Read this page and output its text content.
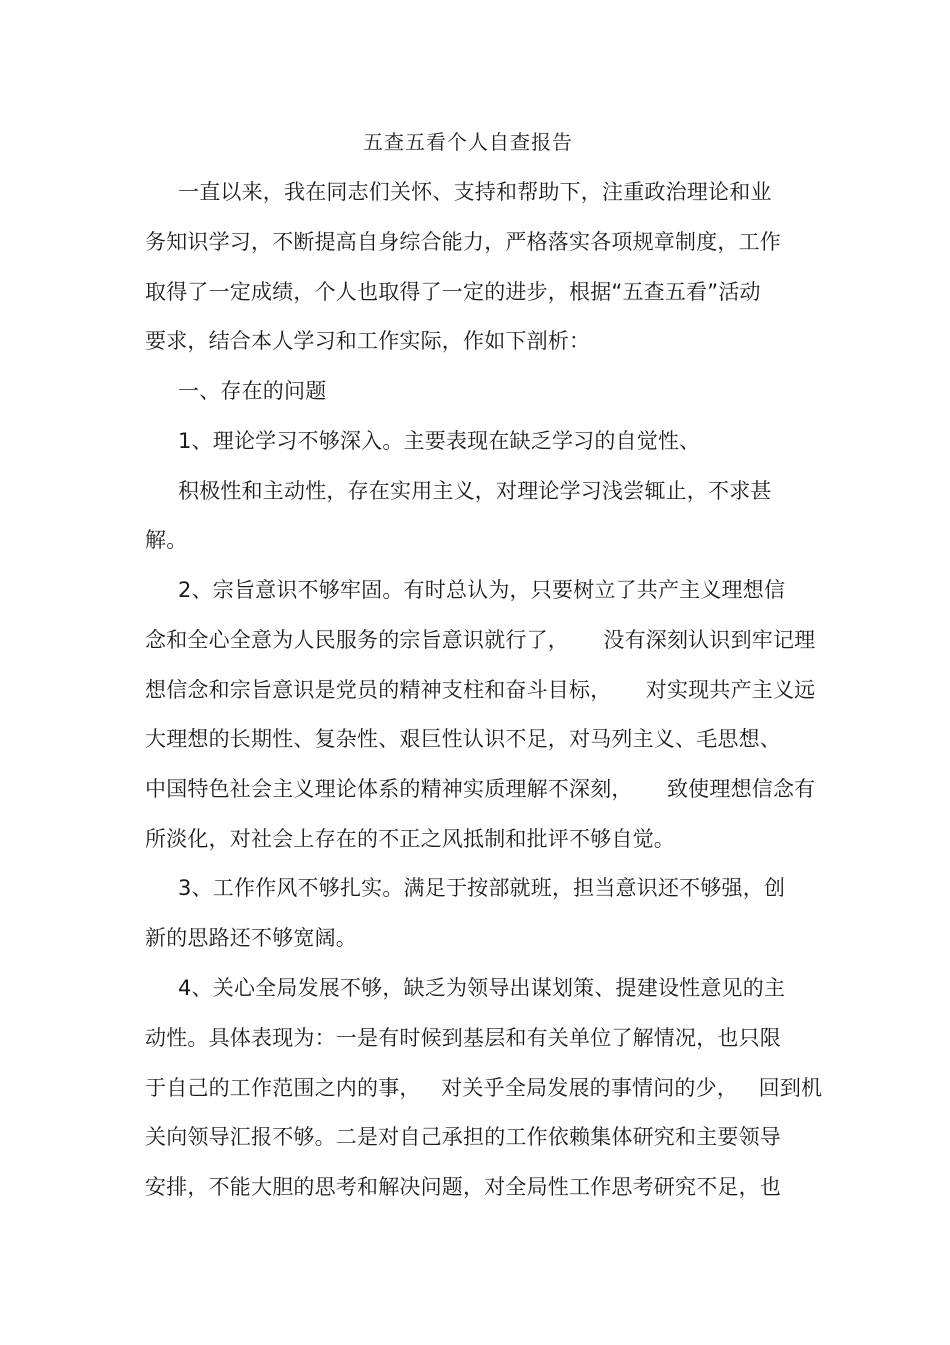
五查五看个人自查报告
一直以来，我在同志们关怀、支持和帮助下，注重政治理论和业
务知识学习，不断提高自身综合能力，严格落实各项规章制度，工作
取得了一定成绩，个人也取得了一定的进步，根据“五查五看”活动
要求，结合本人学习和工作实际，作如下剖析：
一、存在的问题
1、理论学习不够深入。主要表现在缺乏学习的自觉性、
积极性和主动性，存在实用主义，对理论学习浅尝辄止，不求甚
解。
2、宗旨意识不够牢固。有时总认为，只要树立了共产主义理想信
念和全心全意为人民服务的宗旨意识就行了，     没有深刻认识到牢记理
想信念和宗旨意识是党员的精神支柱和奋斗目标，     对实现共产主义远
大理想的长期性、复杂性、艰巨性认识不足，对马列主义、毛思想、
中国特色社会主义理论体系的精神实质理解不深刻，     致使理想信念有
所淡化，对社会上存在的不正之风抵制和批评不够自觉。
3、工作作风不够扎实。满足于按部就班，担当意识还不够强，创
新的思路还不够宽阔。
4、关心全局发展不够，缺乏为领导出谋划策、提建设性意见的主
动性。具体表现为：一是有时候到基层和有关单位了解情况，也只限
于自己的工作范围之内的事，   对关乎全局发展的事情问的少，   回到机
关向领导汇报不够。二是对自己承担的工作依赖集体研究和主要领导
安排，不能大胆的思考和解决问题，对全局性工作思考研究不足，也
